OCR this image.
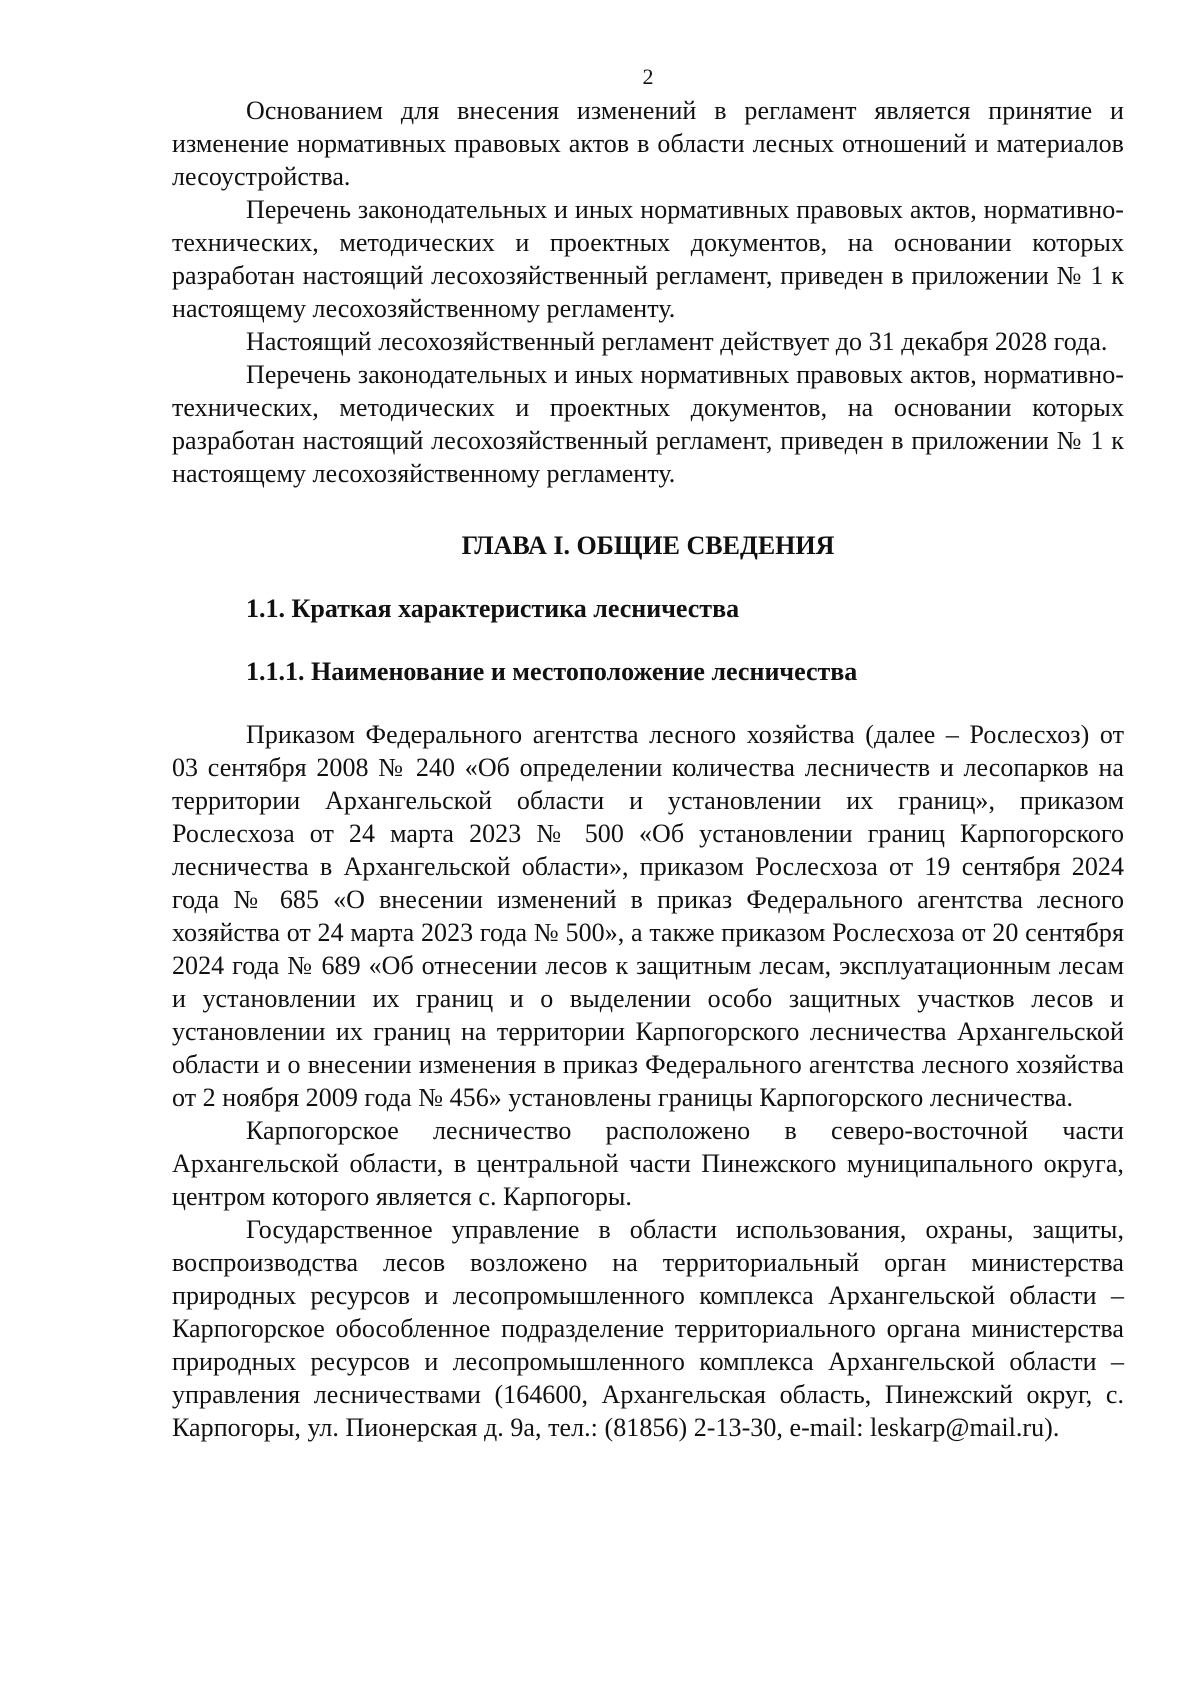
2

Основанием для внесения изменений в регламент является принятие и изменение нормативных правовых актов в области лесных отношений и материалов лесоустройства.

Перечень законодательных и иных нормативных правовых актов, нормативно-технических, методических и проектных документов, на основании которых разработан настоящий лесохозяйственный регламент, приведен в приложении № 1 к настоящему лесохозяйственному регламенту.

Настоящий лесохозяйственный регламент действует до 31 декабря 2028 года.

Перечень законодательных и иных нормативных правовых актов, нормативно-технических, методических и проектных документов, на основании которых разработан настоящий лесохозяйственный регламент, приведен в приложении № 1 к настоящему лесохозяйственному регламенту.

ГЛАВА I. ОБЩИЕ СВЕДЕНИЯ
1.1. Краткая характеристика лесничества
1.1.1. Наименование и местоположение лесничества

Приказом Федерального агентства лесного хозяйства (далее – Рослесхоз) от 03 сентября 2008 № 240 «Об определении количества лесничеств и лесопарков на территории Архангельской области и установлении их границ», приказом Рослесхоза от 24 марта 2023 № 500 «Об установлении границ Карпогорского лесничества в Архангельской области», приказом Рослесхоза от 19 сентября 2024 года № 685 «О внесении изменений в приказ Федерального агентства лесного хозяйства от 24 марта 2023 года № 500», а также приказом Рослесхоза от 20 сентября 2024 года № 689 «Об отнесении лесов к защитным лесам, эксплуатационным лесам и установлении их границ и о выделении особо защитных участков лесов и установлении их границ на территории Карпогорского лесничества Архангельской области и о внесении изменения в приказ Федерального агентства лесного хозяйства от 2 ноября 2009 года № 456» установлены границы Карпогорского лесничества.

Карпогорское лесничество расположено в северо-восточной части Архангельской области, в центральной части Пинежского муниципального округа, центром которого является с. Карпогоры.

Государственное управление в области использования, охраны, защиты, воспроизводства лесов возложено на территориальный орган министерства природных ресурсов и лесопромышленного комплекса Архангельской области – Карпогорское обособленное подразделение территориального органа министерства природных ресурсов и лесопромышленного комплекса Архангельской области – управления лесничествами (164600, Архангельская область, Пинежский округ, с. Карпогоры, ул. Пионерская д. 9а, тел.: (81856) 2-13-30, e-mail: leskarp@mail.ru).
